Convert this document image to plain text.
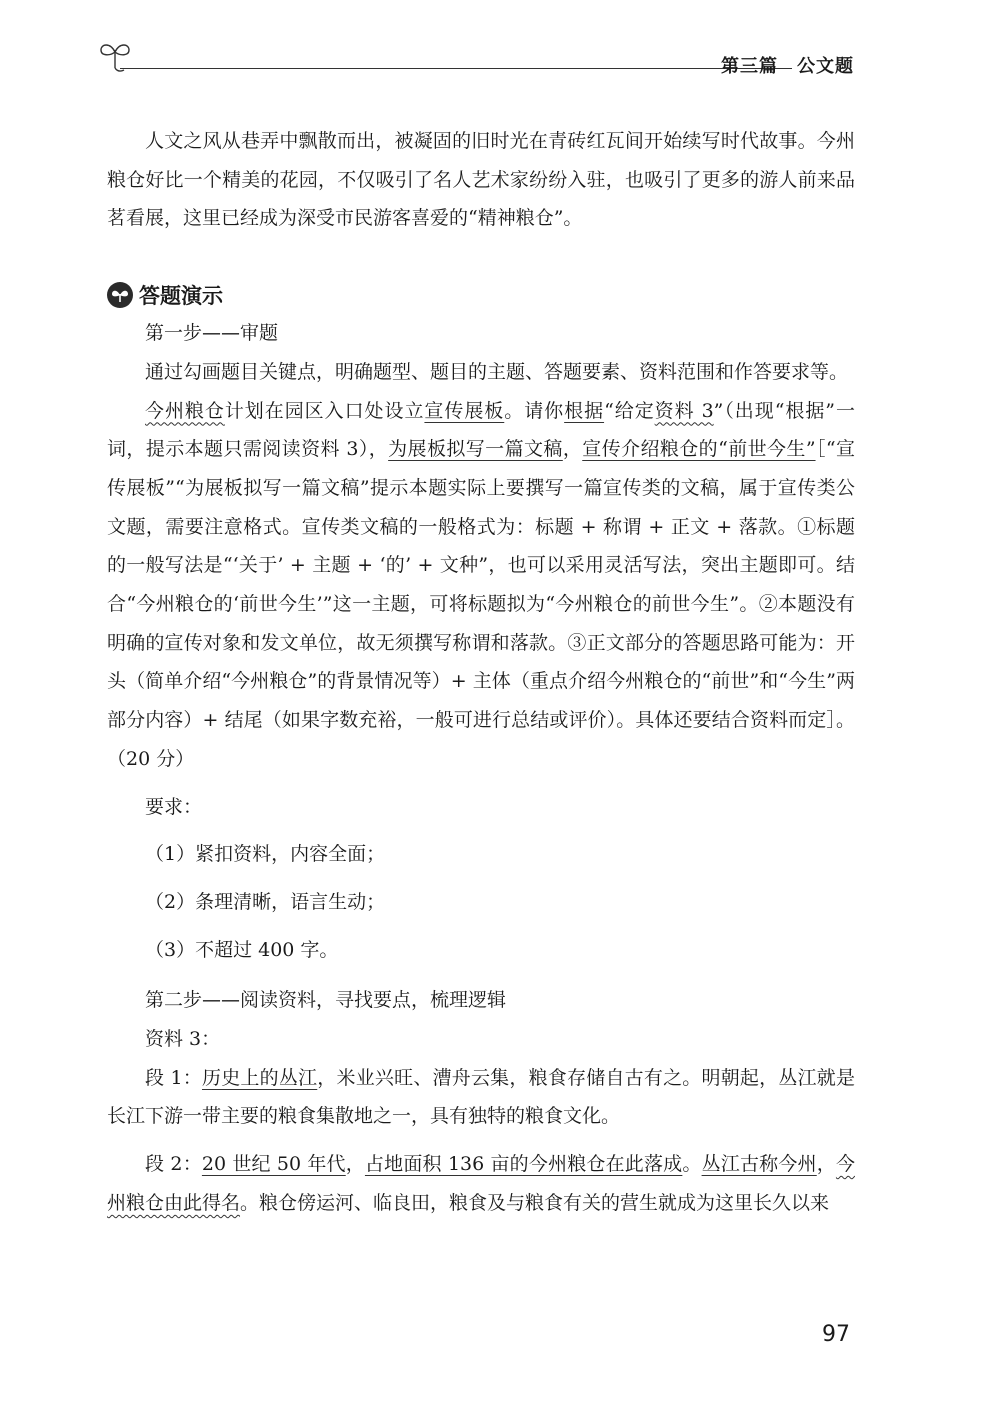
第三篇　公文题

人文之风从巷弄中飘散而出，被凝固的旧时光在青砖红瓦间开始续写时代故事。今州粮仓好比一个精美的花园，不仅吸引了名人艺术家纷纷入驻，也吸引了更多的游人前来品茗看展，这里已经成为深受市民游客喜爱的“精神粮仓”。

答题演示

第一步——审题

通过勾画题目关键点，明确题型、题目的主题、答题要素、资料范围和作答要求等。

今州粮仓计划在园区入口处设立宣传展板。请你根据“给定资料 3”（出现“根据”一词，提示本题只需阅读资料 3），为展板拟写一篇文稿，宣传介绍粮仓的“前世今生”［“宣传展板”“为展板拟写一篇文稿”提示本题实际上要撰写一篇宣传类的文稿，属于宣传类公文题，需要注意格式。宣传类文稿的一般格式为：标题 + 称谓 + 正文 + 落款。①标题的一般写法是“‘关于’ + 主题 + ‘的’ + 文种”，也可以采用灵活写法，突出主题即可。结合“今州粮仓的‘前世今生’”这一主题，可将标题拟为“今州粮仓的前世今生”。②本题没有明确的宣传对象和发文单位，故无须撰写称谓和落款。③正文部分的答题思路可能为：开头（简单介绍“今州粮仓”的背景情况等）+ 主体（重点介绍今州粮仓的“前世”和“今生”两部分内容）+ 结尾（如果字数充裕，一般可进行总结或评价）。具体还要结合资料而定］。（20 分）

要求：

（1）紧扣资料，内容全面；

（2）条理清晰，语言生动；

（3）不超过 400 字。

第二步——阅读资料，寻找要点，梳理逻辑

资料 3：

段 1：历史上的丛江，米业兴旺、漕舟云集，粮食存储自古有之。明朝起，丛江就是长江下游一带主要的粮食集散地之一，具有独特的粮食文化。

段 2：20 世纪 50 年代，占地面积 136 亩的今州粮仓在此落成。丛江古称今州，今州粮仓由此得名。粮仓傍运河、临良田，粮食及与粮食有关的营生就成为这里长久以来

97
